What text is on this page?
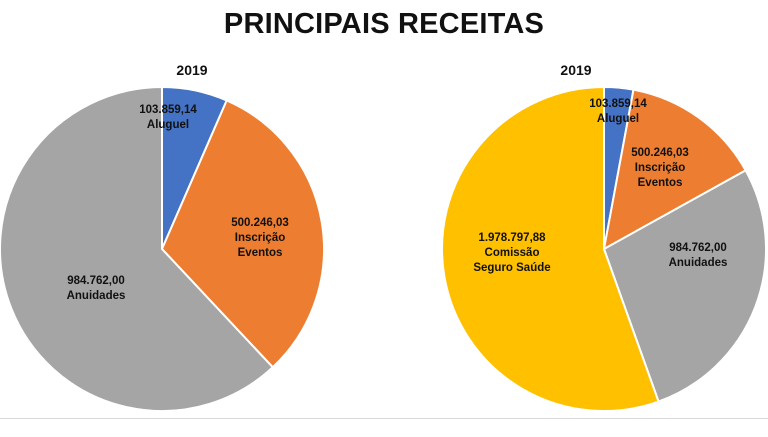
PRINCIPAIS RECEITAS
2019
103.859,14 Aluguel
500.246,03 Inscrição Eventos
984.762,00 Anuidades
2019
103.859,14 Aluguel
500.246,03 Inscrição Eventos
984.762,00 Anuidades
1.978.797,88 Comissão Seguro Saúde
